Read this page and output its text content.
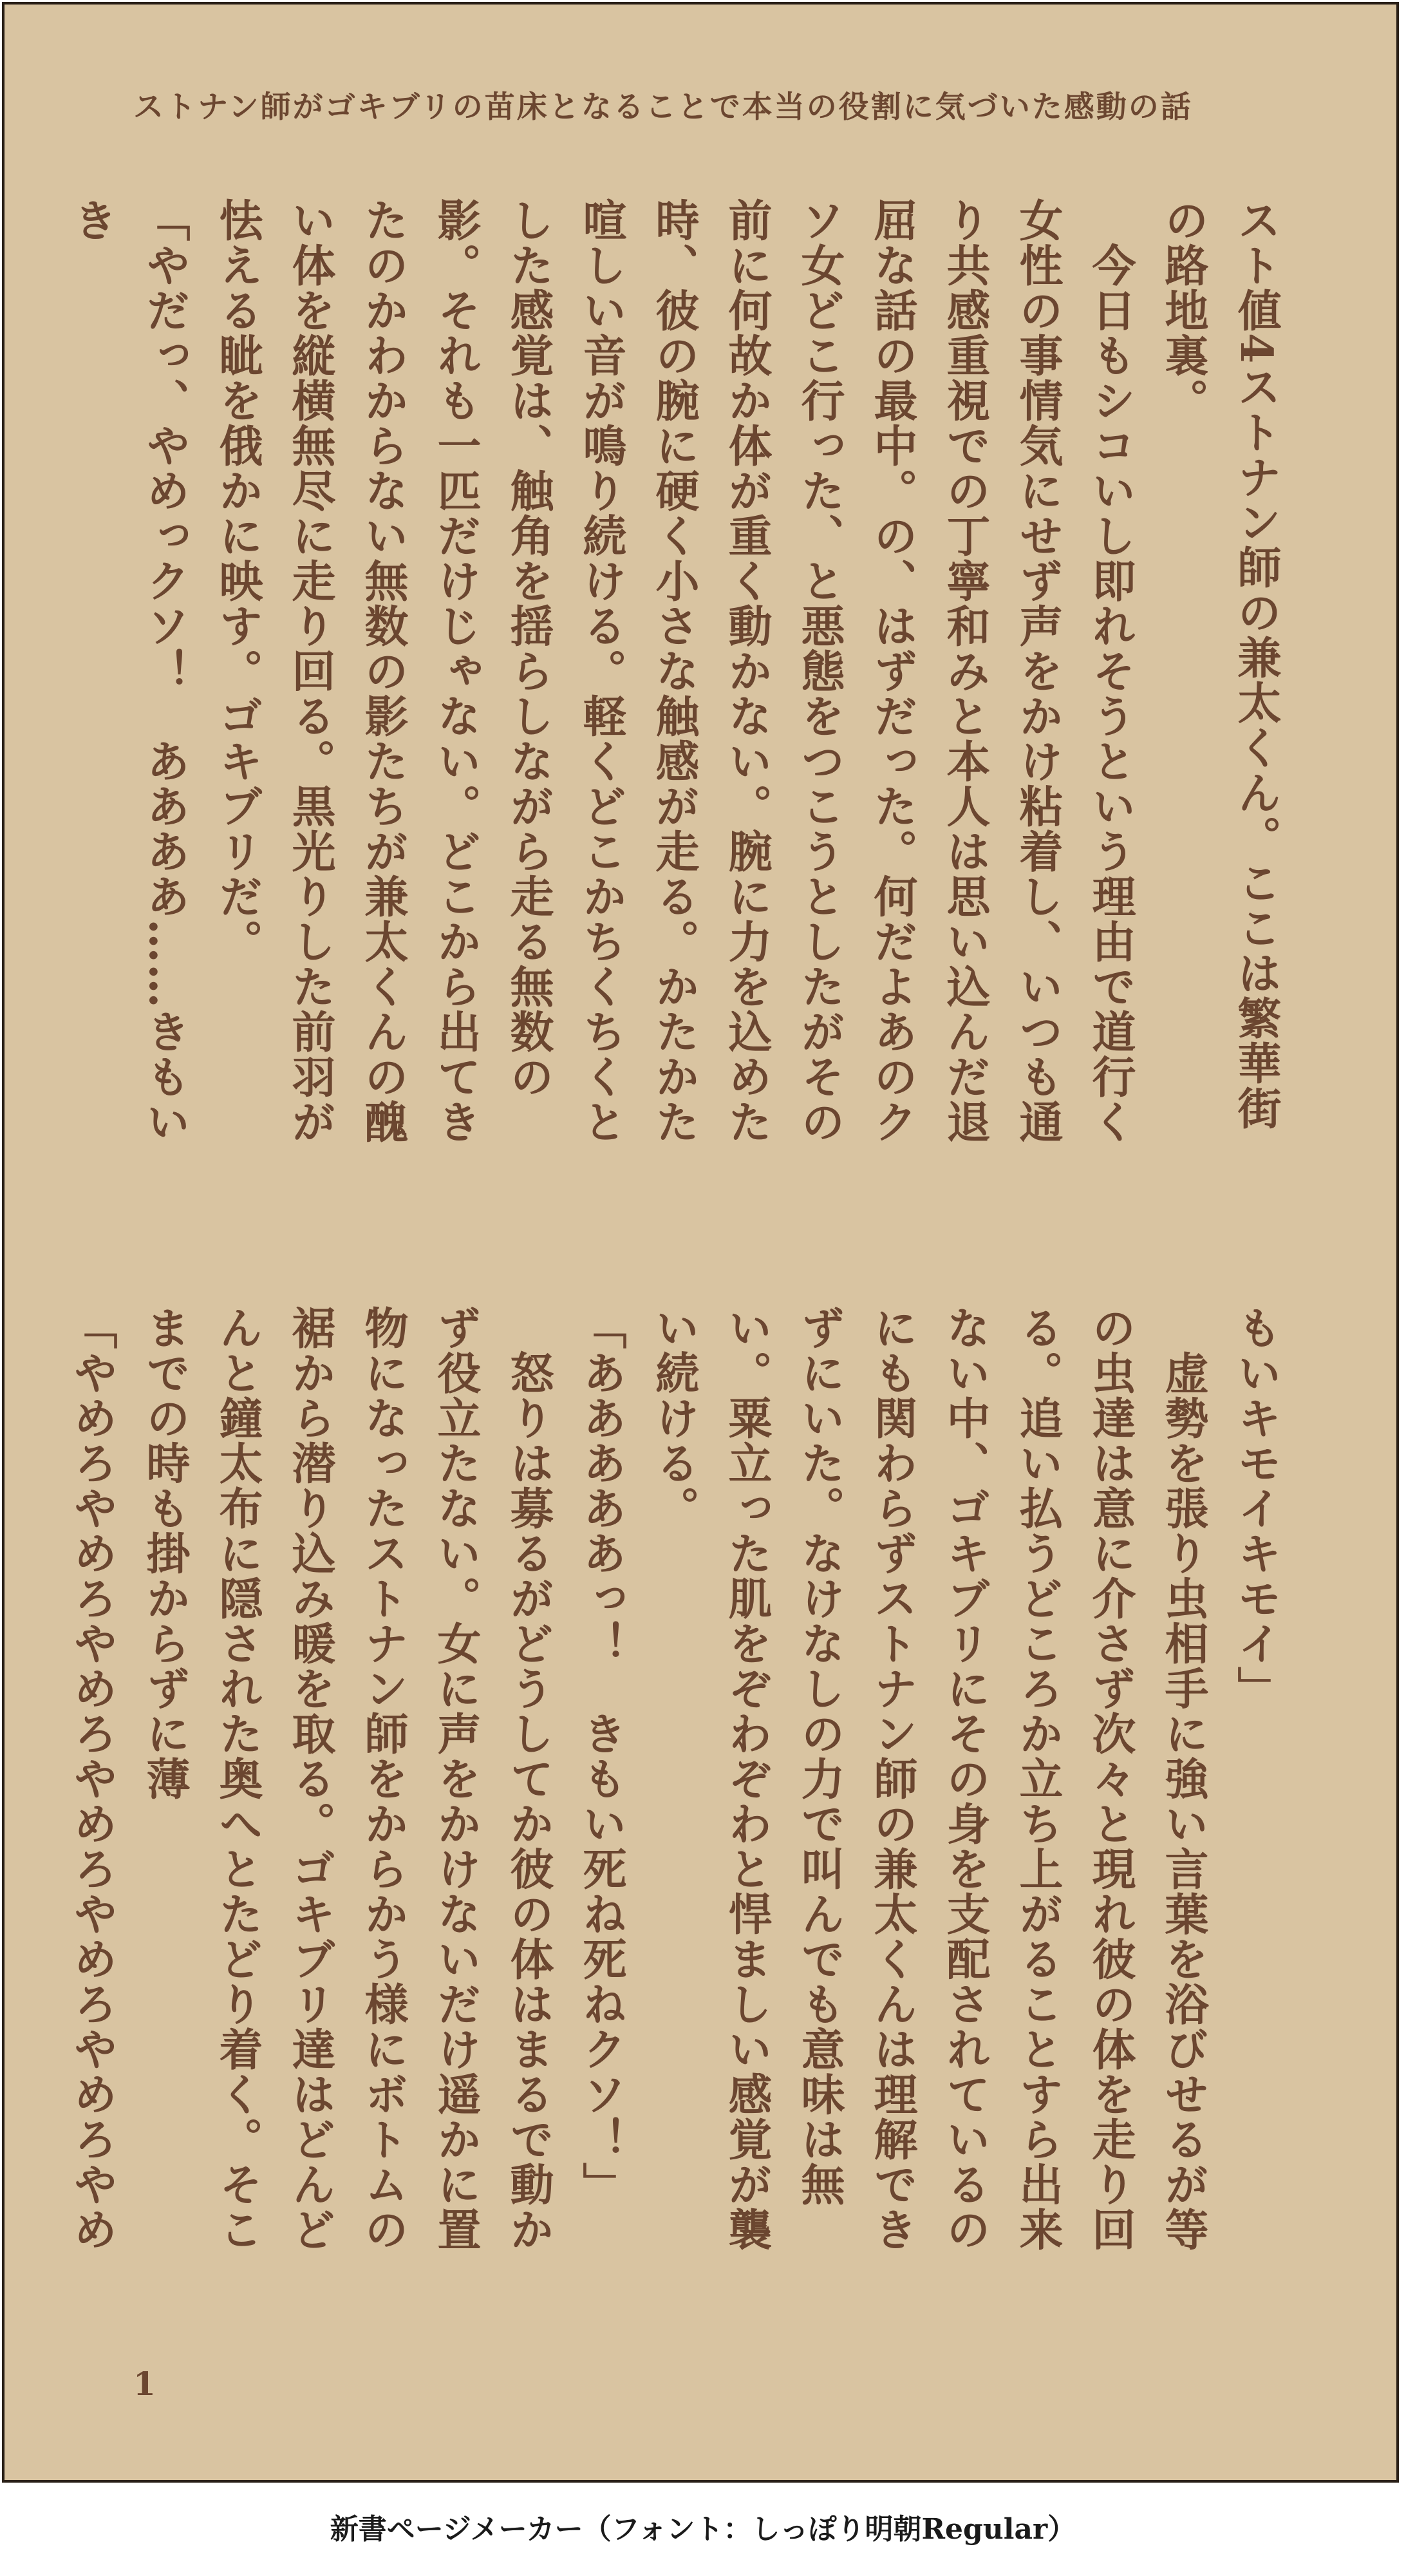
ストナン師がゴキブリの苗床となることで本当の役割に気づいた感動の話

スト値4ストナン師の兼太くん。ここは繁華街の路地裏。

　今日もシコいし即れそうという理由で道行く女性の事情気にせず声をかけ粘着し、いつも通り共感重視での丁寧和みと本人は思い込んだ退屈な話の最中。の、はずだった。何だよあのクソ女どこ行った、と悪態をつこうとしたがその前に何故か体が重く動かない。腕に力を込めた時、彼の腕に硬く小さな触感が走る。かたかた喧しい音が鳴り続ける。軽くどこかちくちくとした感覚は、触角を揺らしながら走る無数の影。それも一匹だけじゃない。どこから出てきたのかわからない無数の影たちが兼太くんの醜い体を縦横無尽に走り回る。黒光りした前羽が怯える眦を俄かに映す。ゴキブリだ。

「やだっ、やめっクソ！　ああああ……きもいき

もいキモイキモイ」

　虚勢を張り虫相手に強い言葉を浴びせるが等の虫達は意に介さず次々と現れ彼の体を走り回る。追い払うどころか立ち上がることすら出来ない中、ゴキブリにその身を支配されているのにも関わらずストナン師の兼太くんは理解できずにいた。なけなしの力で叫んでも意味は無い。粟立った肌をぞわぞわと悍ましい感覚が襲い続ける。

「あああああっ！　きもい死ね死ねクソ！」

　怒りは募るがどうしてか彼の体はまるで動かず役立たない。女に声をかけないだけ遥かに置物になったストナン師をからかう様にボトムの裾から潜り込み暖を取る。ゴキブリ達はどんどんと鐘太布に隠された奥へとたどり着く。そこまでの時も掛からずに薄

「やめろやめろやめろやめろやめろやめろやめ

1
新書ページメーカー（フォント：しっぽり明朝Regular）
